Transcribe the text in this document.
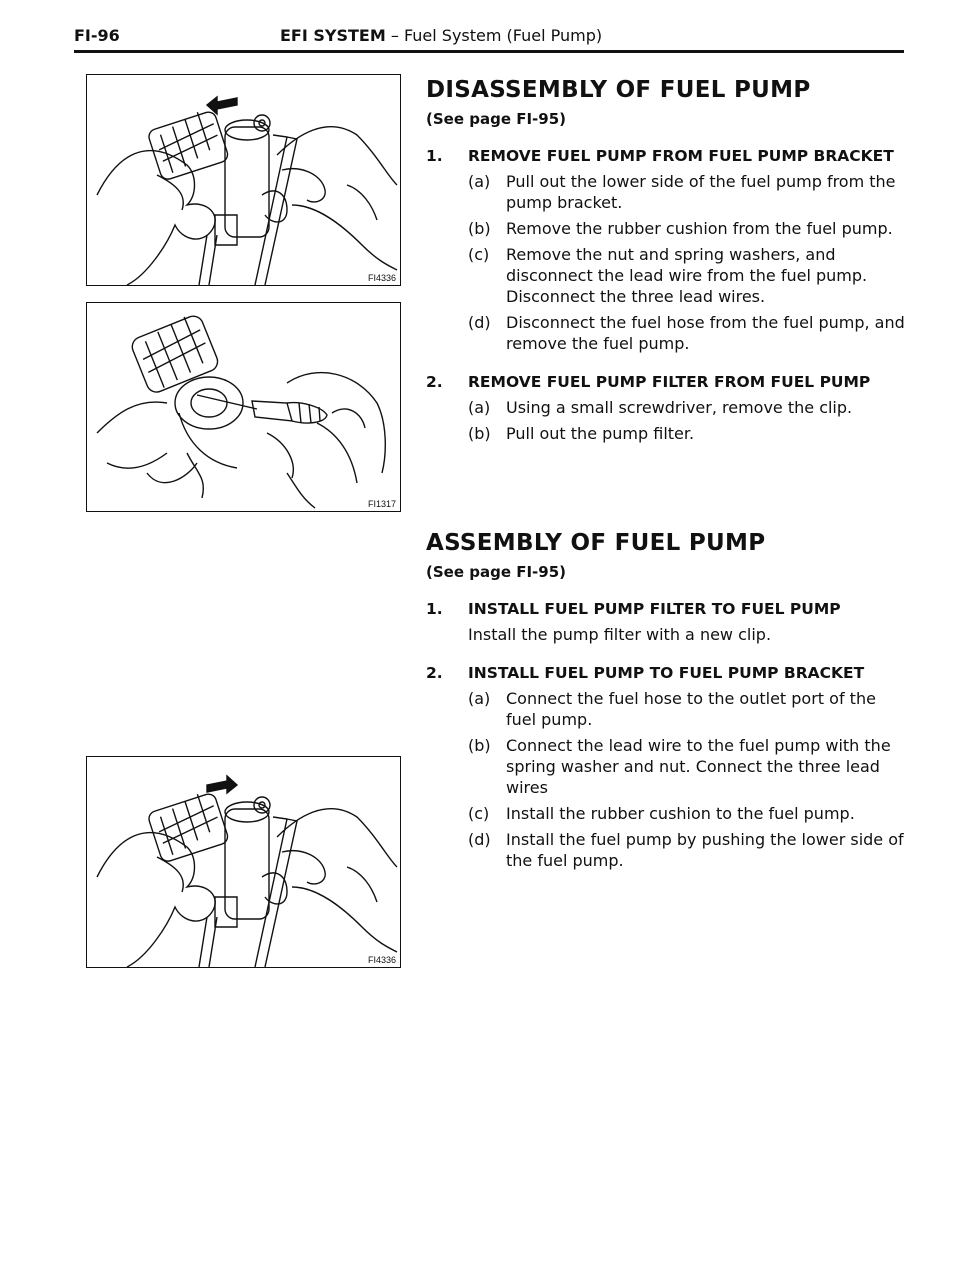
FI-96	EFI SYSTEM – Fuel System (Fuel Pump)
FI4336
FI1317
FI4336
DISASSEMBLY OF FUEL PUMP
(See page FI-95)
1. REMOVE FUEL PUMP FROM FUEL PUMP BRACKET
(a) Pull out the lower side of the fuel pump from the pump bracket.
(b) Remove the rubber cushion from the fuel pump.
(c) Remove the nut and spring washers, and disconnect the lead wire from the fuel pump. Disconnect the three lead wires.
(d) Disconnect the fuel hose from the fuel pump, and remove the fuel pump.
2. REMOVE FUEL PUMP FILTER FROM FUEL PUMP
(a) Using a small screwdriver, remove the clip.
(b) Pull out the pump filter.
ASSEMBLY OF FUEL PUMP
(See page FI-95)
1. INSTALL FUEL PUMP FILTER TO FUEL PUMP
Install the pump filter with a new clip.
2. INSTALL FUEL PUMP TO FUEL PUMP BRACKET
(a) Connect the fuel hose to the outlet port of the fuel pump.
(b) Connect the lead wire to the fuel pump with the spring washer and nut. Connect the three lead wires
(c) Install the rubber cushion to the fuel pump.
(d) Install the fuel pump by pushing the lower side of the fuel pump.
